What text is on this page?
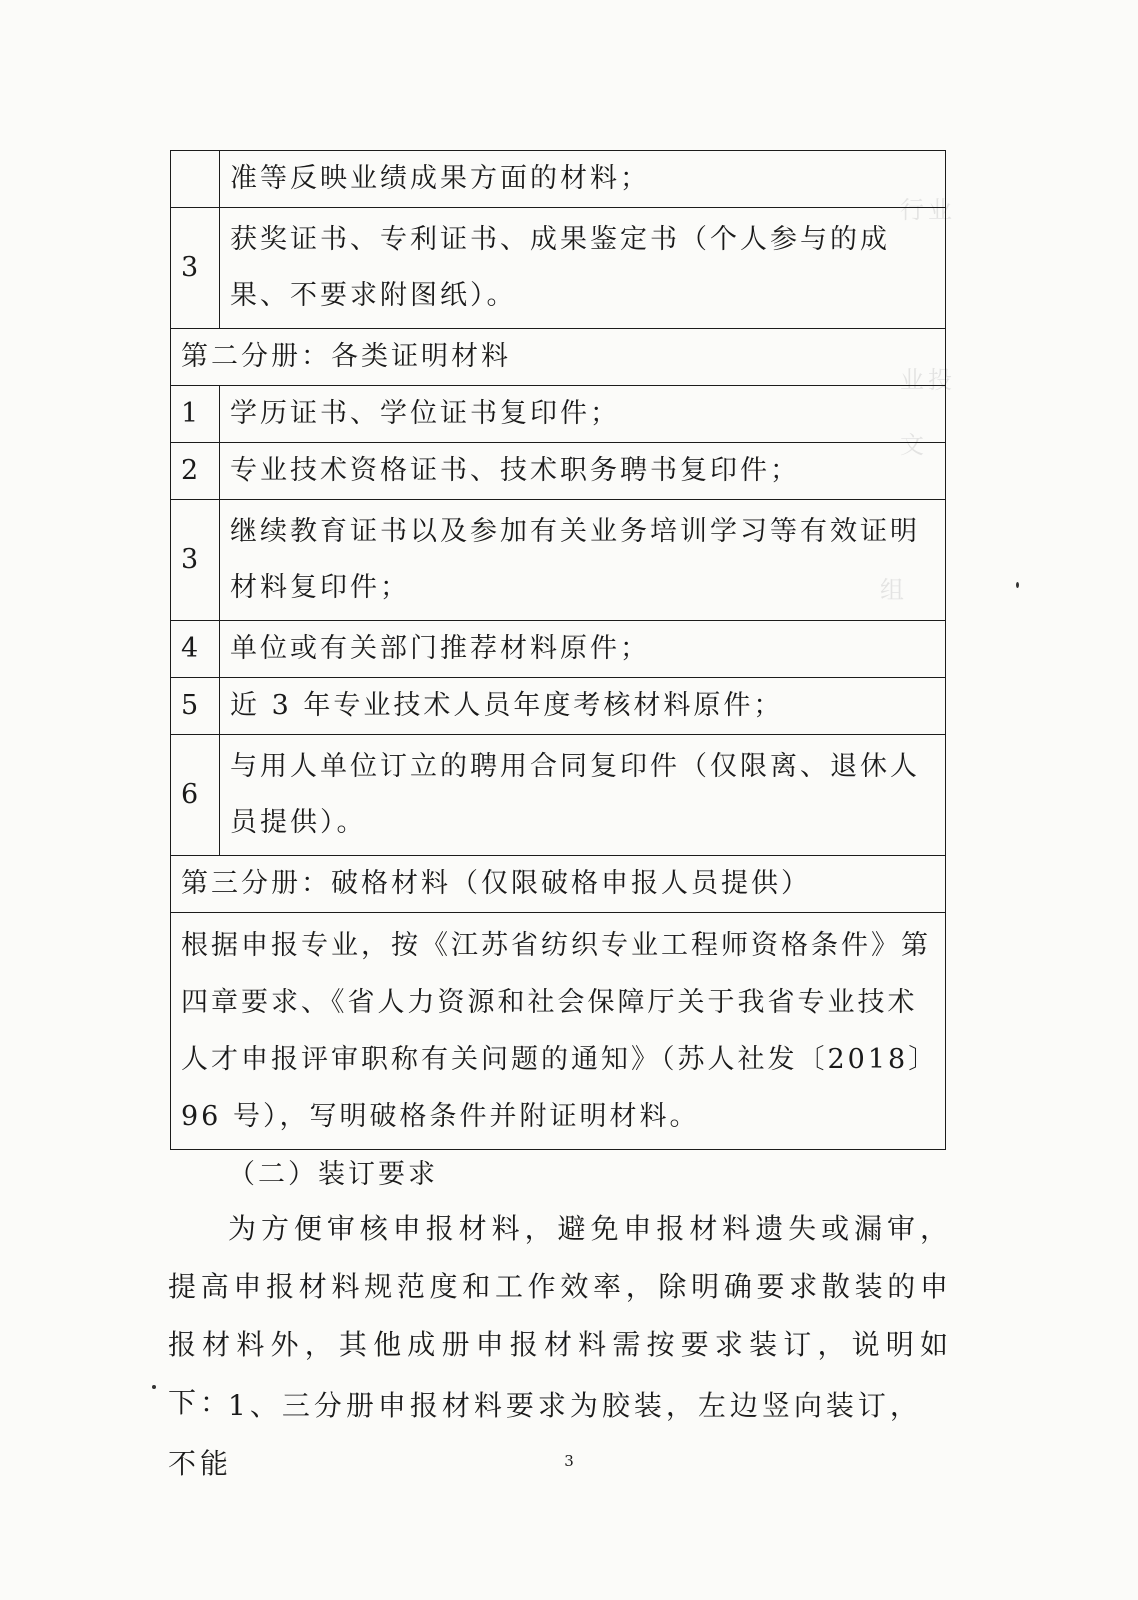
行业
业投
文
组
	准等反映业绩成果方面的材料；
3	获奖证书、专利证书、成果鉴定书（个人参与的成果、不要求附图纸）。
第二分册：各类证明材料	
1	学历证书、学位证书复印件；
2	专业技术资格证书、技术职务聘书复印件；
3	继续教育证书以及参加有关业务培训学习等有效证明材料复印件；
4	单位或有关部门推荐材料原件；
5	近 3 年专业技术人员年度考核材料原件；
6	与用人单位订立的聘用合同复印件（仅限离、退休人员提供）。
第三分册：破格材料（仅限破格申报人员提供）	
根据申报专业，按《江苏省纺织专业工程师资格条件》第四章要求、《省人力资源和社会保障厅关于我省专业技术人才申报评审职称有关问题的通知》（苏人社发〔2018〕96 号），写明破格条件并附证明材料。	
（二）装订要求
为方便审核申报材料，避免申报材料遗失或漏审，提高申报材料规范度和工作效率，除明确要求散装的申报材料外，其他成册申报材料需按要求装订，说明如下：
1、三分册申报材料要求为胶装，左边竖向装订，不能	3
